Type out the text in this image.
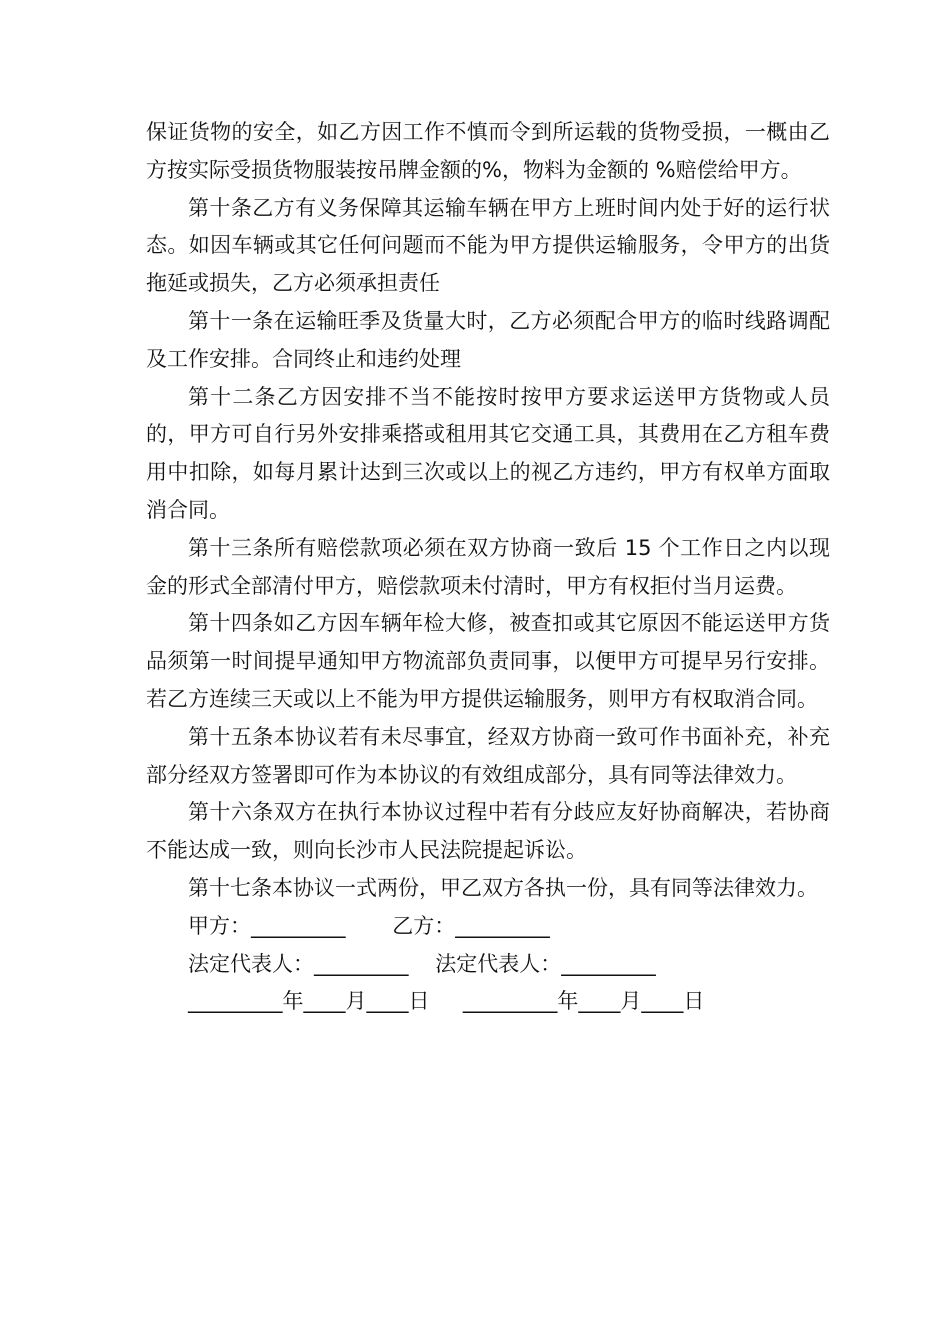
保证货物的安全，如乙方因工作不慎而令到所运载的货物受损，一概由乙方按实际受损货物服装按吊牌金额的%，物料为金额的 %赔偿给甲方。

第十条乙方有义务保障其运输车辆在甲方上班时间内处于好的运行状态。如因车辆或其它任何问题而不能为甲方提供运输服务，令甲方的出货拖延或损失，乙方必须承担责任

第十一条在运输旺季及货量大时，乙方必须配合甲方的临时线路调配及工作安排。合同终止和违约处理

第十二条乙方因安排不当不能按时按甲方要求运送甲方货物或人员的，甲方可自行另外安排乘搭或租用其它交通工具，其费用在乙方租车费用中扣除，如每月累计达到三次或以上的视乙方违约，甲方有权单方面取消合同。

第十三条所有赔偿款项必须在双方协商一致后 15 个工作日之内以现金的形式全部清付甲方，赔偿款项未付清时，甲方有权拒付当月运费。

第十四条如乙方因车辆年检大修，被查扣或其它原因不能运送甲方货品须第一时间提早通知甲方物流部负责同事，以便甲方可提早另行安排。若乙方连续三天或以上不能为甲方提供运输服务，则甲方有权取消合同。

第十五条本协议若有未尽事宜，经双方协商一致可作书面补充，补充部分经双方签署即可作为本协议的有效组成部分，具有同等法律效力。

第十六条双方在执行本协议过程中若有分歧应友好协商解决，若协商不能达成一致，则向长沙市人民法院提起诉讼。

第十七条本协议一式两份，甲乙双方各执一份，具有同等法律效力。

甲方：_________       乙方：_________

法定代表人：_________    法定代表人：_________

_________年____月____日     _________年____月____日
